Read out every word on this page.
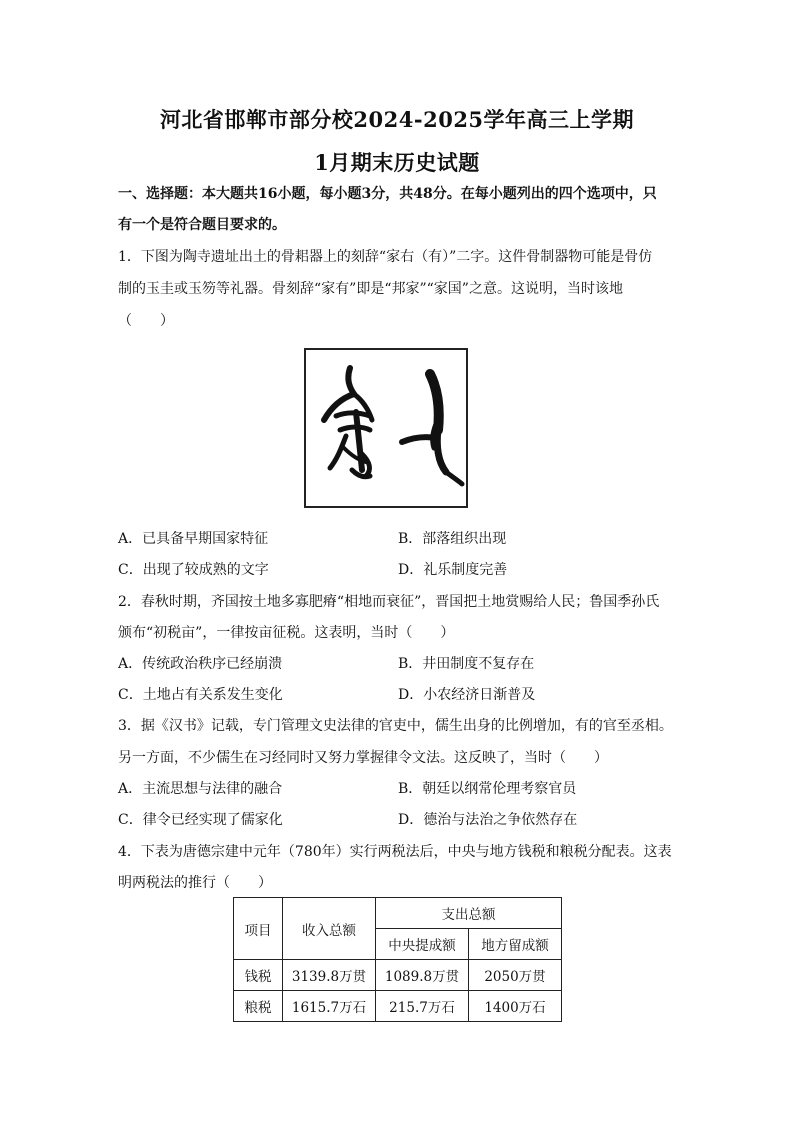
河北省邯郸市部分校2024-2025学年高三上学期
1月期末历史试题
一、选择题：本大题共16小题，每小题3分，共48分。在每小题列出的四个选项中，只
有一个是符合题目要求的。
1．下图为陶寺遗址出土的骨耜器上的刻辞“家右（有）”二字。这件骨制器物可能是骨仿
制的玉圭或玉笏等礼器。骨刻辞“家有”即是“邦家”“家国”之意。这说明，当时该地
（　　）
A．已具备早期国家特征	B．部落组织出现
C．出现了较成熟的文字	D．礼乐制度完善
2．春秋时期，齐国按土地多寡肥瘠“相地而衰征”，晋国把土地赏赐给人民；鲁国季孙氏
颁布“初税亩”，一律按亩征税。这表明，当时（　　）
A．传统政治秩序已经崩溃	B．井田制度不复存在
C．土地占有关系发生变化	D．小农经济日渐普及
3．据《汉书》记载，专门管理文史法律的官吏中，儒生出身的比例增加，有的官至丞相。
另一方面，不少儒生在习经同时又努力掌握律令文法。这反映了，当时（　　）
A．主流思想与法律的融合	B．朝廷以纲常伦理考察官员
C．律令已经实现了儒家化	D．德治与法治之争依然存在
4．下表为唐德宗建中元年（780年）实行两税法后，中央与地方钱税和粮税分配表。这表
明两税法的推行（　　）
项目	收入总额	支出总额	
		中央提成额	地方留成额
钱税	3139.8万贯	1089.8万贯	2050万贯
粮税	1615.7万石	215.7万石	1400万石
